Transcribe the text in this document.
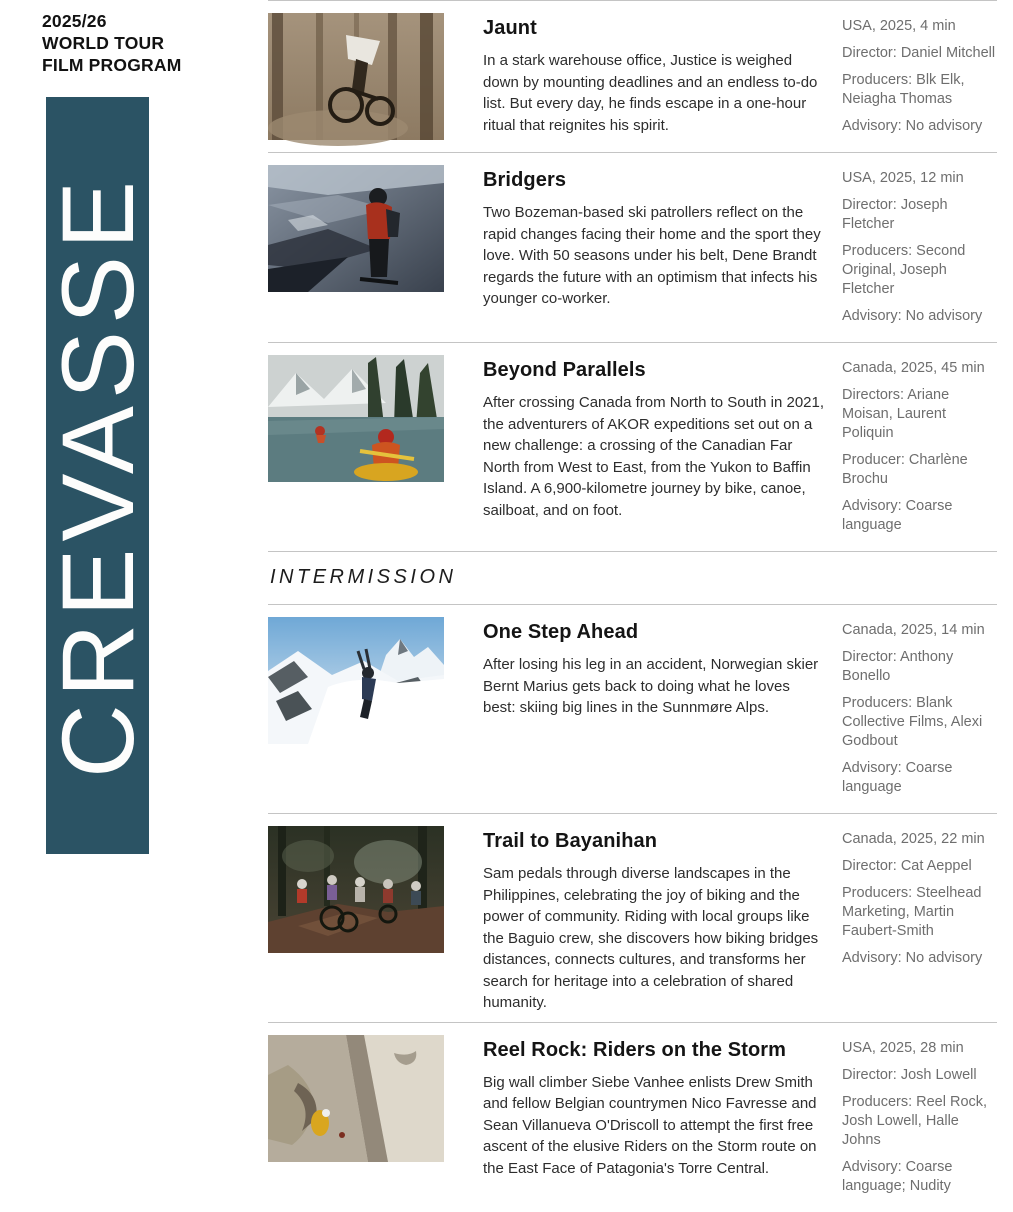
2025/26
WORLD TOUR
FILM PROGRAM
CREVASSE
Jaunt

In a stark warehouse office, Justice is weighed down by mounting deadlines and an endless to-do list. But every day, he finds escape in a one-hour ritual that reignites his spirit.

USA, 2025, 4 min

Director: Daniel Mitchell

Producers: Blk Elk, Neiagha Thomas

Advisory: No advisory

Bridgers

Two Bozeman-based ski patrollers reflect on the rapid changes facing their home and the sport they love. With 50 seasons under his belt, Dene Brandt regards the future with an optimism that infects his younger co-worker.

USA, 2025, 12 min

Director: Joseph Fletcher

Producers: Second Original, Joseph Fletcher

Advisory: No advisory

Beyond Parallels

After crossing Canada from North to South in 2021, the adventurers of AKOR expeditions set out on a new challenge: a crossing of the Canadian Far North from West to East, from the Yukon to Baffin Island. A 6,900-kilometre journey by bike, canoe, sailboat, and on foot.

Canada, 2025, 45 min

Directors: Ariane Moisan, Laurent Poliquin

Producer: Charlène Brochu

Advisory: Coarse language

INTERMISSION
One Step Ahead

After losing his leg in an accident, Norwegian skier Bernt Marius gets back to doing what he loves best: skiing big lines in the Sunnmøre Alps.

Canada, 2025, 14 min

Director: Anthony Bonello

Producers: Blank Collective Films, Alexi Godbout

Advisory: Coarse language

Trail to Bayanihan

Sam pedals through diverse landscapes in the Philippines, celebrating the joy of biking and the power of community. Riding with local groups like the Baguio crew, she discovers how biking bridges distances, connects cultures, and transforms her search for heritage into a celebration of shared humanity.

Canada, 2025, 22 min

Director: Cat Aeppel

Producers: Steelhead Marketing, Martin Faubert-Smith

Advisory: No advisory

Reel Rock: Riders on the Storm

Big wall climber Siebe Vanhee enlists Drew Smith and fellow Belgian countrymen Nico Favresse and Sean Villanueva O'Driscoll to attempt the first free ascent of the elusive Riders on the Storm route on the East Face of Patagonia's Torre Central.

USA, 2025, 28 min

Director: Josh Lowell

Producers: Reel Rock, Josh Lowell, Halle Johns

Advisory: Coarse language; Nudity
